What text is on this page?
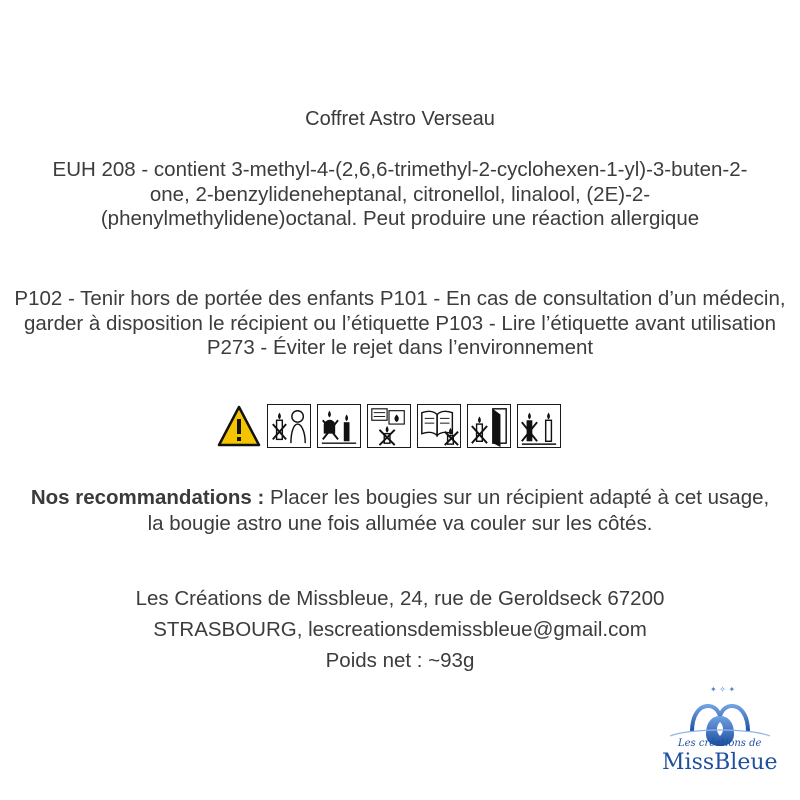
Coffret Astro Verseau
EUH 208 - contient 3-methyl-4-(2,6,6-trimethyl-2-cyclohexen-1-yl)-3-buten-2-one, 2-benzylideneheptanal, citronellol, linalool, (2E)-2-(phenylmethylidene)octanal. Peut produire une réaction allergique
P102 - Tenir hors de portée des enfants P101 - En cas de consultation d’un médecin, garder à disposition le récipient ou l’étiquette P103 - Lire l’étiquette avant utilisation P273 - Éviter le rejet dans l’environnement
Nos recommandations : Placer les bougies sur un récipient adapté à cet usage, la bougie astro une fois allumée va couler sur les côtés.
Les Créations de Missbleue, 24, rue de Geroldseck 67200
STRASBOURG, lescreationsdemissbleue@gmail.com
Poids net : ~93g
✦ ✧ ✦
Les créations de
MissBleue
